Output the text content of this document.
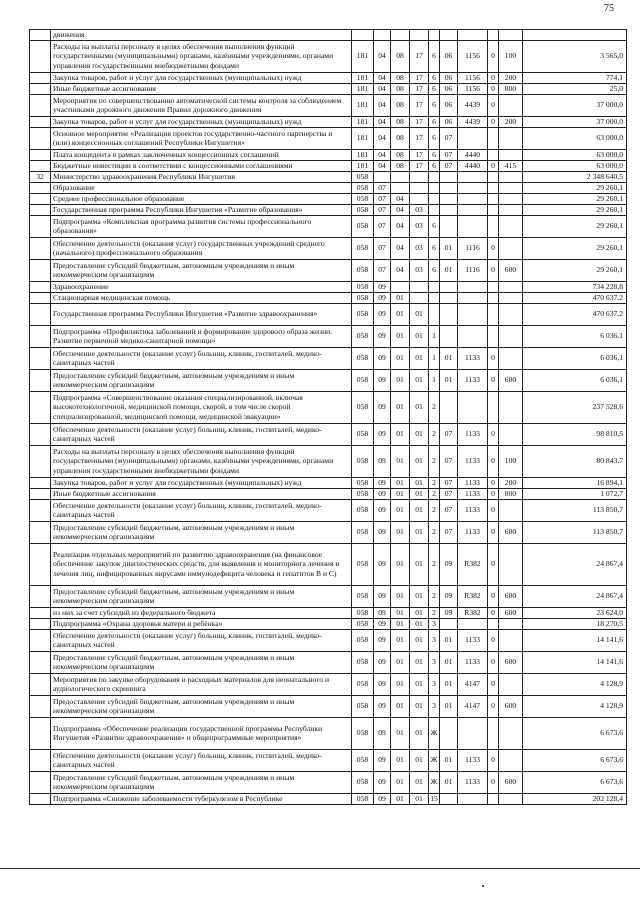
75
	движения										
	Расходы на выплаты персоналу в целях обеспечения выполнения функций государственными (муниципальными) органами, казёнными учреждениями, органами управления государственными внебюджетными фондами	181	04	08	17	6	06	1156	0	100	3 565,0
	Закупка товаров, работ и услуг для государственных (муниципальных) нужд	181	04	08	17	6	06	1156	0	200	774,1
	Иные бюджетные ассигнования	181	04	08	17	6	06	1156	0	800	25,0
	Мероприятия по совершенствованию автоматической системы контроля за соблюдением участниками дорожного движения Правил дорожного движения	181	04	08	17	6	06	4439	0		37 000,0
	Закупка товаров, работ и услуг для государственных (муниципальных) нужд	181	04	08	17	6	06	4439	0	200	37 000,0
	Основное мероприятие «Реализация проектов государственно-частного партнерства и (или) концессионных соглашений Республики Ингушетия»	181	04	08	17	6	07				63 000,0
	Плата концедента в рамках заключенных концессионных соглашений	181	04	08	17	6	07	4440			63 000,0
	Бюджетные инвестиции в соответствии с концессионными соглашениями	181	04	08	17	6	07	4440	0	415	63 000,0
32	Министерство здравоохранения Республики Ингушетия	058									2 348 640,5
	Образование	058	07								29 260,1
	Среднее профессиональное образование	058	07	04							29 260,1
	Государственная программа Республики Ингушетия «Развитие образования»	058	07	04	03						29 260,1
	Подпрограмма «Комплексная программа развития системы профессионального образования»	058	07	04	03	6					29 260,1
	Обеспечение деятельности (оказания услуг) государственных учреждений среднего (начального) профессионального образования	058	07	04	03	6	01	1116	0		29 260,1
	Предоставление субсидий бюджетным, автономным учреждениям и иным некоммерческим организациям	058	07	04	03	6	01	1116	0	600	29 260,1
	Здравоохранение	058	09								734 228,8
	Стационарная медицинская помощь	058	09	01							470 637,2
	Государственная программа Республики Ингушетия «Развитие здравоохранения»	058	09	01	01						470 637,2
	Подпрограмма «Профилактика заболеваний и формирование здорового образа жизни. Развитие первичной медико-санитарной помощи»	058	09	01	01	1					6 036,1
	Обеспечение деятельности (оказание услуг) больниц, клиник, госпиталей, медико-санитарных частей	058	09	01	01	1	01	1133	0		6 036,1
	Предоставление субсидий бюджетным, автономным учреждениям и иным некоммерческим организациям	058	09	01	01	1	01	1133	0	600	6 036,1
	Подпрограмма «Совершенствование оказания специализированной, включая высокотехнологичной, медицинской помощи, скорой, в том числе скорой специализированной, медицинской помощи, медицинской эвакуации»	058	09	01	01	2					237 528,6
	Обеспечение деятельности (оказание услуг) больниц, клиник, госпиталей, медико-санитарных частей	058	09	01	01	2	07	1133	0		98 810,5
	Расходы на выплаты персоналу в целях обеспечения выполнения функций государственными (муниципальными) органами, казёнными учреждениями, органами управления государственными внебюджетными фондами	058	09	01	01	2	07	1133	0	100	80 843,7
	Закупка товаров, работ и услуг для государственных (муниципальных) нужд	058	09	01	01	2	07	1133	0	200	16 894,1
	Иные бюджетные ассигнования	058	09	01	01	2	07	1133	0	800	1 072,7
	Обеспечение деятельности (оказание услуг) больниц, клиник, госпиталей, медико-санитарных частей	058	09	01	01	2	07	1133	0		113 850,7
	Предоставление субсидий бюджетным, автономным учреждениям и иным некоммерческим организациям	058	09	01	01	2	07	1133	0	600	113 850,7
	Реализация отдельных мероприятий по развитию здравоохранения (на финансовое обеспечение закупок диагностических средств, для выявления и мониторинга лечения и лечения лиц, инфицированных вирусами иммунодефицита человека и гепатитов В и С)	058	09	01	01	2	09	R382	0		24 867,4
	Предоставление субсидий бюджетным, автономным учреждениям и иным некоммерческим организациям	058	09	01	01	2	09	R382	0	600	24 867,4
	из них за счет субсидий из федерального бюджета	058	09	01	01	2	09	R382	0	600	23 624,0
	Подпрограмма «Охрана здоровья матери и ребёнка»	058	09	01	01	3					18 270,5
	Обеспечение деятельности (оказание услуг) больниц, клиник, госпиталей, медико-санитарных частей	058	09	01	01	3	01	1133	0		14 141,6
	Предоставление субсидий бюджетным, автономным учреждениям и иным некоммерческим организациям	058	09	01	01	3	01	1133	0	600	14 141,6
	Мероприятия по закупке оборудования и расходных материалов для неонатального и аудиологического скрининга	058	09	01	01	3	01	4147	0		4 128,9
	Предоставление субсидий бюджетным, автономным учреждениям и иным некоммерческим организациям	058	09	01	01	3	01	4147	0	600	4 128,9
	Подпрограмма «Обеспечение реализации государственной программы Республики Ингушетия «Развитие здравоохранения» и общепрограммные мероприятия»	058	09	01	01	Ж					6 673,6
	Обеспечение деятельности (оказание услуг) больниц, клиник, госпиталей, медико-санитарных частей	058	09	01	01	Ж	01	1133	0		6 673,6
	Предоставление субсидий бюджетным, автономным учреждениям и иным некоммерческим организациям	058	09	01	01	Ж	01	1133	0	600	6 673,6
	Подпрограмма «Снижение заболеваемости туберкулезом в Республике	058	09	01	01	15					202 128,4
